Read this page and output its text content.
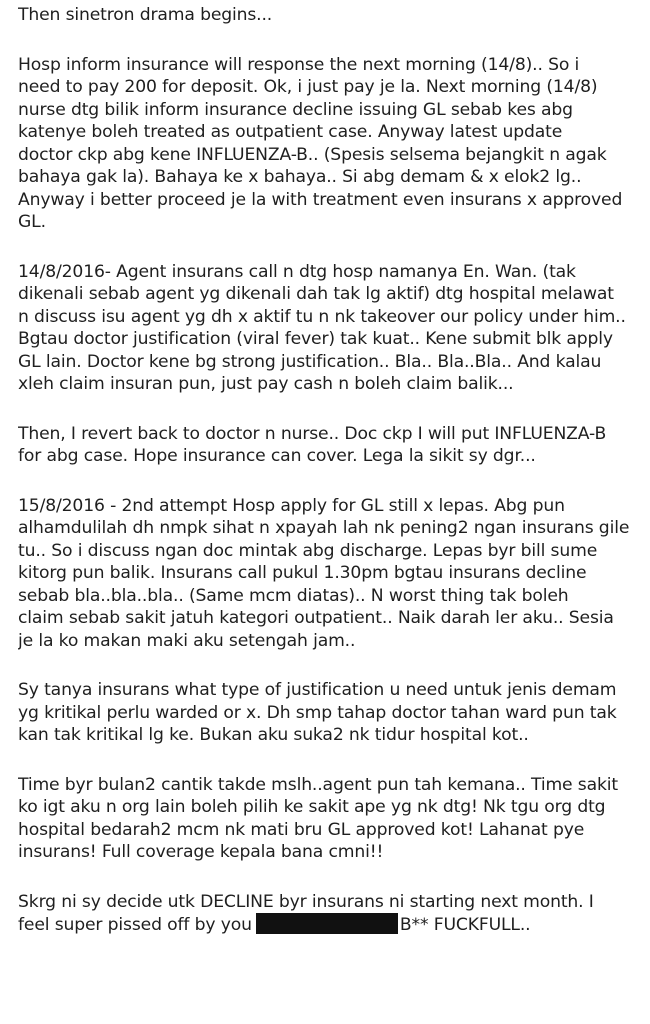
Then sinetron drama begins...
Hosp inform insurance will response the next morning (14/8).. So i
need to pay 200 for deposit. Ok, i just pay je la. Next morning (14/8)
nurse dtg bilik inform insurance decline issuing GL sebab kes abg
katenye boleh treated as outpatient case. Anyway latest update
doctor ckp abg kene INFLUENZA-B.. (Spesis selsema bejangkit n agak
bahaya gak la). Bahaya ke x bahaya.. Si abg demam & x elok2 lg..
Anyway i better proceed je la with treatment even insurans x approved
GL.
14/8/2016- Agent insurans call n dtg hosp namanya En. Wan. (tak
dikenali sebab agent yg dikenali dah tak lg aktif) dtg hospital melawat
n discuss isu agent yg dh x aktif tu n nk takeover our policy under him..
Bgtau doctor justification (viral fever) tak kuat.. Kene submit blk apply
GL lain. Doctor kene bg strong justification.. Bla.. Bla..Bla.. And kalau
xleh claim insuran pun, just pay cash n boleh claim balik...
Then, I revert back to doctor n nurse.. Doc ckp I will put INFLUENZA-B
for abg case. Hope insurance can cover. Lega la sikit sy dgr...
15/8/2016 - 2nd attempt Hosp apply for GL still x lepas. Abg pun
alhamdulilah dh nmpk sihat n xpayah lah nk pening2 ngan insurans gile
tu.. So i discuss ngan doc mintak abg discharge. Lepas byr bill sume
kitorg pun balik. Insurans call pukul 1.30pm bgtau insurans decline
sebab bla..bla..bla.. (Same mcm diatas).. N worst thing tak boleh
claim sebab sakit jatuh kategori outpatient.. Naik darah ler aku.. Sesia
je la ko makan maki aku setengah jam..
Sy tanya insurans what type of justification u need untuk jenis demam
yg kritikal perlu warded or x. Dh smp tahap doctor tahan ward pun tak
kan tak kritikal lg ke. Bukan aku suka2 nk tidur hospital kot..
Time byr bulan2 cantik takde mslh..agent pun tah kemana.. Time sakit
ko igt aku n org lain boleh pilih ke sakit ape yg nk dtg! Nk tgu org dtg
hospital bedarah2 mcm nk mati bru GL approved kot! Lahanat pye
insurans! Full coverage kepala bana cmni!!
Skrg ni sy decide utk DECLINE byr insurans ni starting next month. I
feel super pissed off by you	B** FUCKFULL..
